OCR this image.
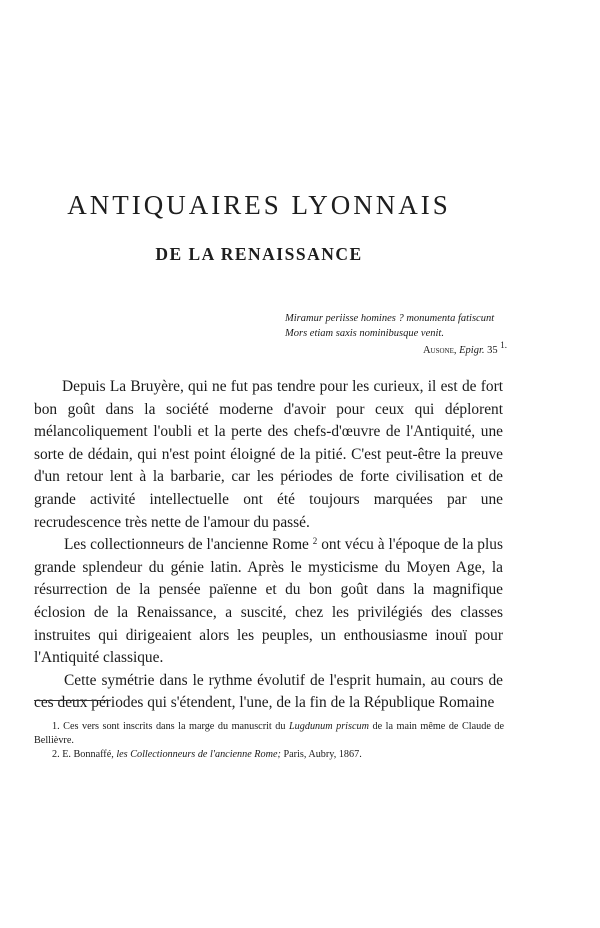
ANTIQUAIRES LYONNAIS
DE LA RENAISSANCE
Miramur periisse homines ? monumenta fatiscunt
Mors etiam saxis nominibusque venit.
Ausone, Epigr. 35 $^{1.}$

Depuis La Bruyère, qui ne fut pas tendre pour les curieux, il est de fort bon goût dans la société moderne d'avoir pour ceux qui déplorent mélancoliquement l'oubli et la perte des chefs-d'œuvre de l'Antiquité, une sorte de dédain, qui n'est point éloigné de la pitié. C'est peut-être la preuve d'un retour lent à la barbarie, car les périodes de forte civilisation et de grande activité intellectuelle ont été toujours marquées par une recrudescence très nette de l'amour du passé.

Les collectionneurs de l'ancienne Rome $^2$ ont vécu à l'époque de la plus grande splendeur du génie latin. Après le mysticisme du Moyen Age, la résurrection de la pensée païenne et du bon goût dans la magnifique éclosion de la Renaissance, a suscité, chez les privilégiés des classes instruites qui dirigeaient alors les peuples, un enthousiasme inouï pour l'Antiquité classique.

Cette symétrie dans le rythme évolutif de l'esprit humain, au cours de ces deux périodes qui s'étendent, l'une, de la fin de la République Romaine

1. Ces vers sont inscrits dans la marge du manuscrit du Lugdunum priscum de la main même de Claude de Bellièvre.

2. E. Bonnaffé, les Collectionneurs de l'ancienne Rome; Paris, Aubry, 1867.
